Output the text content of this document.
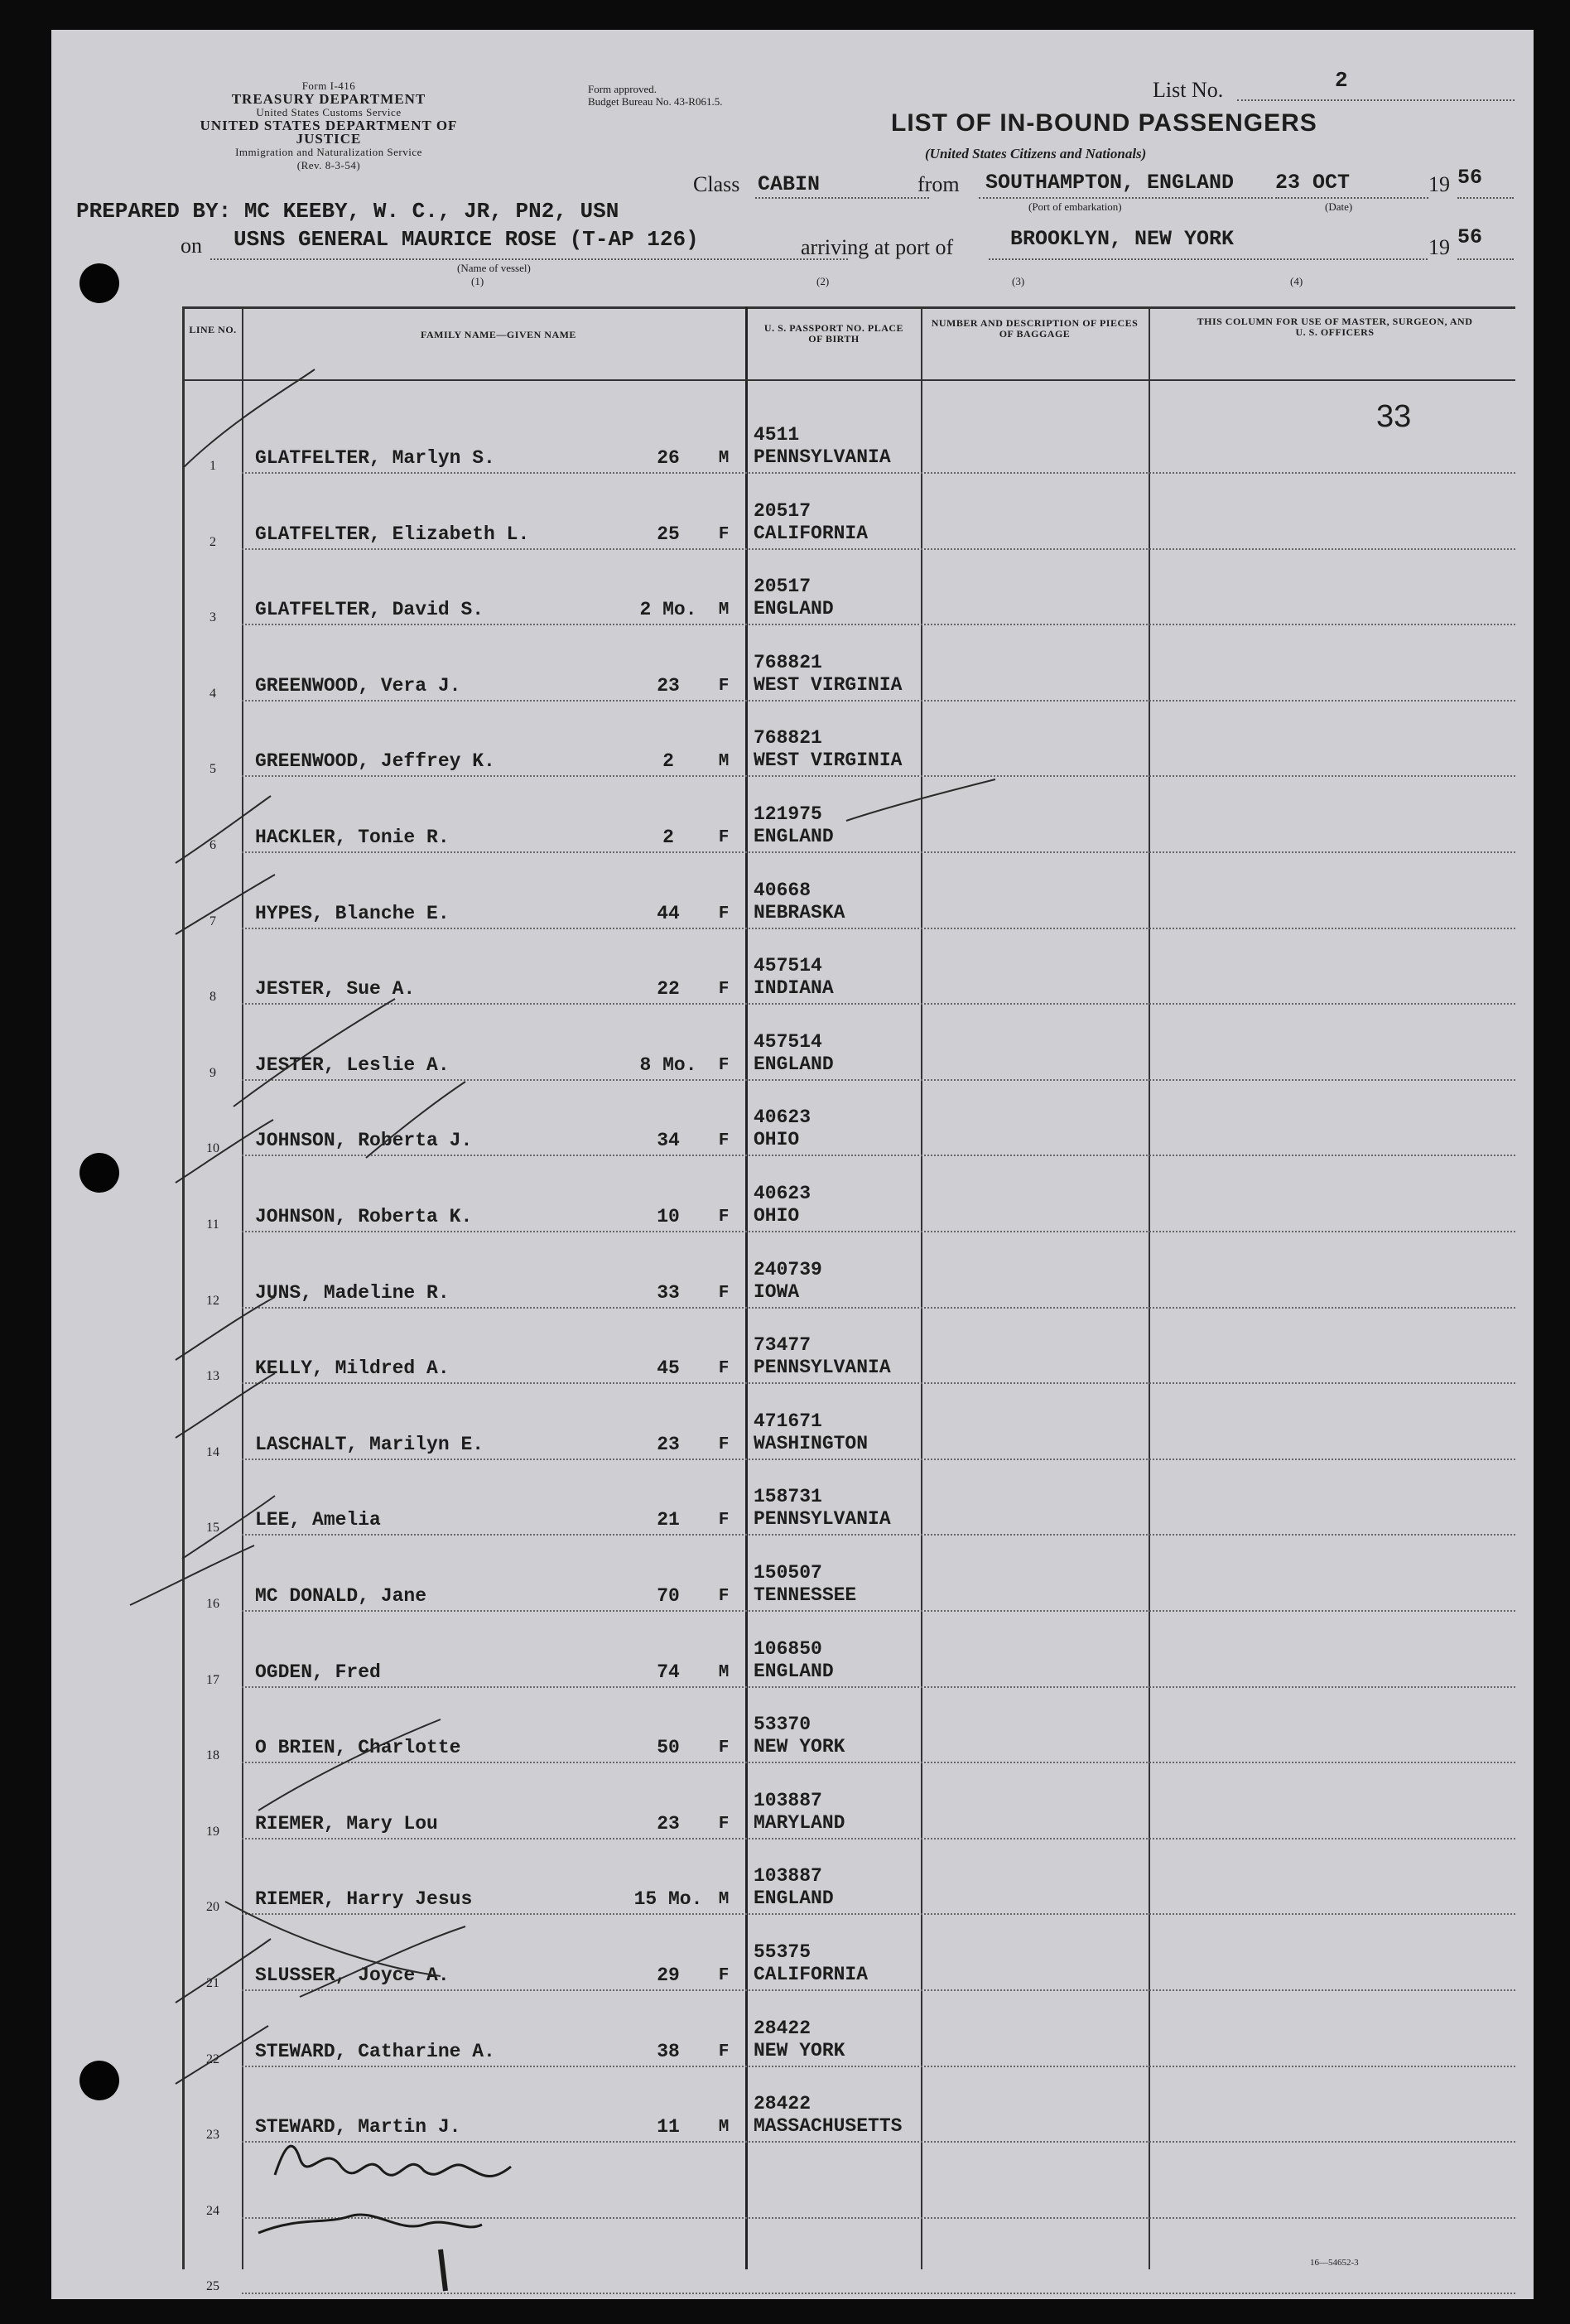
Form I-416
TREASURY DEPARTMENT
United States Customs Service
UNITED STATES DEPARTMENT OF JUSTICE
Immigration and Naturalization Service
(Rev. 8-3-54)
Form approved.
Budget Bureau No. 43-R061.5.	List No.	2
LIST OF IN-BOUND PASSENGERS
(United States Citizens and Nationals)
Class CABIN	from SOUTHAMPTON, ENGLAND
(Port of embarkation)
23 OCT
(Date)
19 56
PREPARED BY: MC KEEBY, W. C., JR, PN2, USN
on USNS GENERAL MAURICE ROSE (T-AP 126)
(Name of vessel)
arriving at port of	BROOKLYN, NEW YORK	19 56
(1)	(2)	(3)	(4)
LINE NO.	FAMILY NAME—GIVEN NAME
U. S. PASSPORT NO. PLACE OF BIRTH
NUMBER AND DESCRIPTION OF PIECES OF BAGGAGE
THIS COLUMN FOR USE OF MASTER, SURGEON, AND U. S. OFFICERS
33
1	GLATFELTER, Marlyn S.	26	M
4511
PENNSYLVANIA
2	GLATFELTER, Elizabeth L.	25	F
20517
CALIFORNIA
3	GLATFELTER, David S.	2 Mo.	M
20517
ENGLAND
4	GREENWOOD, Vera J.	23	F
768821
WEST VIRGINIA
5	GREENWOOD, Jeffrey K.	2	M
768821
WEST VIRGINIA
6	HACKLER, Tonie R.	2	F
121975
ENGLAND
7	HYPES, Blanche E.	44	F
40668
NEBRASKA
8	JESTER, Sue A.	22	F
457514
INDIANA
9	JESTER, Leslie A.	8 Mo.	F
457514
ENGLAND
10	JOHNSON, Roberta J.	34	F
40623
OHIO
11	JOHNSON, Roberta K.	10	F
40623
OHIO
12	JUNS, Madeline R.	33	F
240739
IOWA
13	KELLY, Mildred A.	45	F
73477
PENNSYLVANIA
14	LASCHALT, Marilyn E.	23	F
471671
WASHINGTON
15	LEE, Amelia	21	F
158731
PENNSYLVANIA
16	MC DONALD, Jane	70	F
150507
TENNESSEE
17	OGDEN, Fred	74	M
106850
ENGLAND
18	O BRIEN, Charlotte	50	F
53370
NEW YORK
19	RIEMER, Mary Lou	23	F
103887
MARYLAND
20	RIEMER, Harry Jesus	15 Mo. M
103887
ENGLAND
21	SLUSSER, Joyce A.	29	F
55375
CALIFORNIA
22	STEWARD, Catharine A.	38	F
28422
NEW YORK
23	STEWARD, Martin J.	11	M
28422
MASSACHUSETTS
24
25
16—54652-3
